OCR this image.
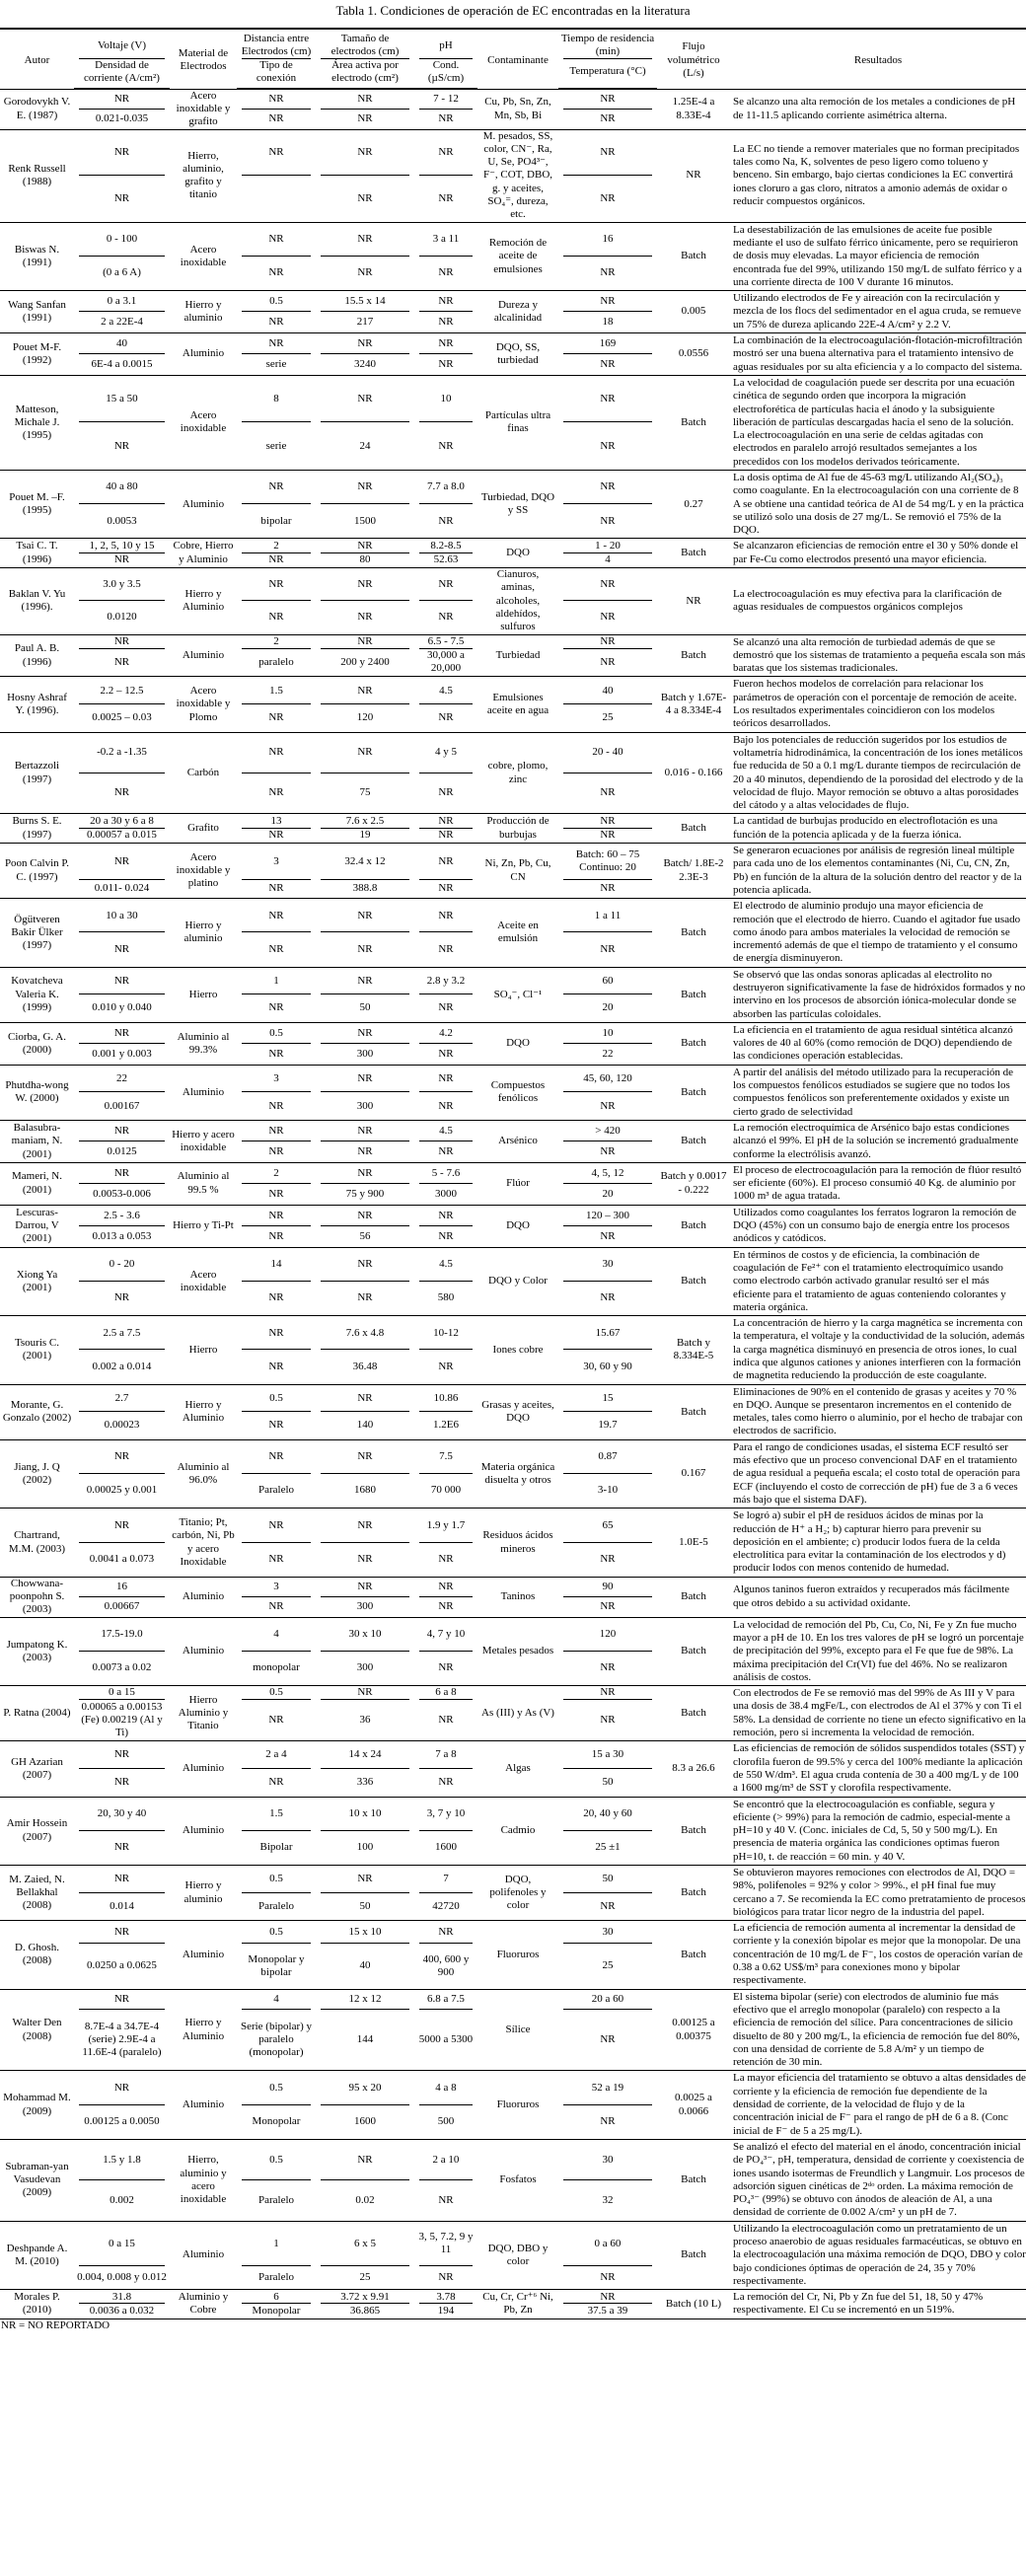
Tabla 1. Condiciones de operación de EC encontradas en la literatura
Autor	Voltaje (V)	Material de Electrodos	Distancia entre Electrodos (cm)	Tamaño de electrodos (cm)	pH	Contaminante	Tiempo de residencia (min)	Flujo volumétrico (L/s)	Resultados
	Densidad de corriente (A/cm²)		Tipo de conexión	Área activa por electrodo (cm²)	Cond. (µS/cm)		Temperatura (°C)		
Gorodovykh V. E. (1987)	NR	Acero inoxidable y grafito	NR	NR	7 - 12	Cu, Pb, Sn, Zn, Mn, Sb, Bi	NR	1.25E-4 a 8.33E-4	Se alcanzo una alta remoción de los metales a condiciones de pH de 11-11.5 aplicando corriente asimétrica alterna.
	0.021-0.035		NR	NR	NR		NR		
Renk Russell (1988)	NR	Hierro, aluminio, grafito y titanio	NR	NR	NR	M. pesados, SS, color, CN⁻, Ra, U, Se, PO4³⁻, F⁻, COT, DBO, g. y aceites, SO₄⁼, dureza, etc.	NR	NR	La EC no tiende a remover materiales que no forman precipitados tales como Na, K, solventes de peso ligero como tolueno y benceno. Sin embargo, bajo ciertas condiciones la EC convertirá iones cloruro a gas cloro, nitratos a amonio además de oxidar o reducir compuestos orgánicos.
	NR			NR	NR		NR		
Biswas N. (1991)	0 - 100	Acero inoxidable	NR	NR	3 a 11	Remoción de aceite de emulsiones	16	Batch	La desestabilización de las emulsiones de aceite fue posible mediante el uso de sulfato férrico únicamente, pero se requirieron de dosis muy elevadas. La mayor eficiencia de remoción encontrada fue del 99%, utilizando 150 mg/L de sulfato férrico y a una corriente directa de 100 V durante 16 minutos.
	(0 a 6 A)		NR	NR	NR		NR		
Wang Sanfan (1991)	0 a 3.1	Hierro y aluminio	0.5	15.5 x 14	NR	Dureza y alcalinidad	NR	0.005	Utilizando electrodos de Fe y aireación con la recirculación y mezcla de los flocs del sedimentador en el agua cruda, se remueve un 75% de dureza aplicando 22E-4 A/cm² y 2.2 V.
	2 a 22E-4		NR	217	NR		18		
Pouet M-F. (1992)	40	Aluminio	NR	NR	NR	DQO, SS, turbiedad	169	0.0556	La combinación de la electrocoagulación-flotación-microfiltración mostró ser una buena alternativa para el tratamiento intensivo de aguas residuales por su alta eficiencia y a lo compacto del sistema.
	6E-4 a 0.0015		serie	3240	NR		NR		
Matteson, Michale J. (1995)	15 a 50	Acero inoxidable	8	NR	10	Partículas ultra finas	NR	Batch	La velocidad de coagulación puede ser descrita por una ecuación cinética de segundo orden que incorpora la migración electroforética de partículas hacia el ánodo y la subsiguiente liberación de partículas descargadas hacia el seno de la solución. La electrocoagulación en una serie de celdas agitadas con electrodos en paralelo arrojó resultados semejantes a los precedidos con los modelos derivados teóricamente.
	NR		serie	24	NR		NR		
Pouet M. –F. (1995)	40 a 80	Aluminio	NR	NR	7.7 a 8.0	Turbiedad, DQO y SS	NR	0.27	La dosis optima de Al fue de 45-63 mg/L utilizando Al₂(SO₄)₃ como coagulante. En la electrocoagulación con una corriente de 8 A se obtiene una cantidad teórica de Al de 54 mg/L y en la práctica se utilizó solo una dosis de 27 mg/L. Se removió el 75% de la DQO.
	0.0053		bipolar	1500	NR		NR		
Tsai C. T. (1996)	1, 2, 5, 10 y 15	Cobre, Hierro y Aluminio	2	NR	8.2-8.5	DQO	1 - 20	Batch	Se alcanzaron eficiencias de remoción entre el 30 y 50% donde el par Fe-Cu como electrodos presentó una mayor eficiencia.
	NR		NR	80	52.63		4		
Baklan V. Yu (1996).	3.0 y 3.5	Hierro y Aluminio	NR	NR	NR	Cianuros, aminas, alcoholes, aldehídos, sulfuros	NR	NR	La electrocoagulación es muy efectiva para la clarificación de aguas residuales de compuestos orgánicos complejos
	0.0120		NR	NR	NR		NR		
Paul A. B. (1996)	NR	Aluminio	2	NR	6.5 - 7.5	Turbiedad	NR	Batch	Se alcanzó una alta remoción de turbiedad además de que se demostró que los sistemas de tratamiento a pequeña escala son más baratas que los sistemas tradicionales.
	NR		paralelo	200 y 2400	30,000 a 20,000		NR		
Hosny Ashraf Y. (1996).	2.2 – 12.5	Acero inoxidable y Plomo	1.5	NR	4.5	Emulsiones aceite en agua	40	Batch y 1.67E-4 a 8.334E-4	Fueron hechos modelos de correlación para relacionar los parámetros de operación con el porcentaje de remoción de aceite. Los resultados experimentales coincidieron con los modelos teóricos desarrollados.
	0.0025 – 0.03		NR	120	NR		25		
Bertazzoli (1997)	-0.2 a -1.35	Carbón	NR	NR	4 y 5	cobre, plomo, zinc	20 - 40	0.016 - 0.166	Bajo los potenciales de reducción sugeridos por los estudios de voltametría hidrodinámica, la concentración de los iones metálicos fue reducida de 50 a 0.1 mg/L durante tiempos de recirculación de 20 a 40 minutos, dependiendo de la porosidad del electrodo y de la velocidad de flujo. Mayor remoción se obtuvo a altas porosidades del cátodo y a altas velocidades de flujo.
	NR		NR	75	NR		NR		
Burns S. E. (1997)	20 a 30 y 6 a 8	Grafito	13	7.6 x 2.5	NR	Producción de burbujas	NR	Batch	La cantidad de burbujas producido en electroflotación es una función de la potencia aplicada y de la fuerza iónica.
	0.00057 a 0.015		NR	19	NR		NR		
Poon Calvin P. C. (1997)	NR	Acero inoxidable y platino	3	32.4 x 12	NR	Ni, Zn, Pb, Cu, CN	Batch: 60 – 75 Continuo: 20	Batch/ 1.8E-2 2.3E-3	Se generaron ecuaciones por análisis de regresión lineal múltiple para cada uno de los elementos contaminantes (Ni, Cu, CN, Zn, Pb) en función de la altura de la solución dentro del reactor y de la potencia aplicada.
	0.011- 0.024		NR	388.8	NR		NR		
Ögütveren Bakir Ülker (1997)	10 a 30	Hierro y aluminio	NR	NR	NR	Aceite en emulsión	1 a 11	Batch	El electrodo de aluminio produjo una mayor eficiencia de remoción que el electrodo de hierro. Cuando el agitador fue usado como ánodo para ambos materiales la velocidad de remoción se incrementó además de que el tiempo de tratamiento y el consumo de energía disminuyeron.
	NR		NR	NR	NR		NR		
Kovatcheva Valeria K. (1999)	NR	Hierro	1	NR	2.8 y 3.2	SO₄⁻, Cl⁻¹	60	Batch	Se observó que las ondas sonoras aplicadas al electrolito no destruyeron significativamente la fase de hidróxidos formados y no intervino en los procesos de absorción iónica-molecular donde se absorben las partículas coloidales.
	0.010 y 0.040		NR	50	NR		20		
Ciorba, G. A. (2000)	NR	Aluminio al 99.3%	0.5	NR	4.2	DQO	10	Batch	La eficiencia en el tratamiento de agua residual sintética alcanzó valores de 40 al 60% (como remoción de DQO) dependiendo de las condiciones operación establecidas.
	0.001 y 0.003		NR	300	NR		22		
Phutdha-wong W. (2000)	22	Aluminio	3	NR	NR	Compuestos fenólicos	45, 60, 120	Batch	A partir del análisis del método utilizado para la recuperación de los compuestos fenólicos estudiados se sugiere que no todos los compuestos fenólicos son preferentemente oxidados y existe un cierto grado de selectividad
	0.00167		NR	300	NR		NR		
Balasubra-maniam, N. (2001)	NR	Hierro y acero inoxidable	NR	NR	4.5	Arsénico	> 420	Batch	La remoción electroquímica de Arsénico bajo estas condiciones alcanzó el 99%. El pH de la solución se incrementó gradualmente conforme la electrólisis avanzó.
	0.0125		NR	NR	NR		NR		
Mameri, N. (2001)	NR	Aluminio al 99.5 %	2	NR	5 - 7.6	Flúor	4, 5, 12	Batch y 0.0017 - 0.222	El proceso de electrocoagulación para la remoción de flúor resultó ser eficiente (60%). El proceso consumió 40 Kg. de aluminio por 1000 m³ de agua tratada.
	0.0053-0.006		NR	75 y 900	3000		20		
Lescuras-Darrou, V (2001)	2.5 - 3.6	Hierro y Ti-Pt	NR	NR	NR	DQO	120 – 300	Batch	Utilizados como coagulantes los ferratos lograron la remoción de DQO (45%) con un consumo bajo de energía entre los procesos anódicos y catódicos.
	0.013 a 0.053		NR	56	NR		NR		
Xiong Ya (2001)	0 - 20	Acero inoxidable	14	NR	4.5	DQO y Color	30	Batch	En términos de costos y de eficiencia, la combinación de coagulación de Fe²⁺ con el tratamiento electroquímico usando como electrodo carbón activado granular resultó ser el más eficiente para el tratamiento de aguas conteniendo colorantes y materia orgánica.
	NR		NR	NR	580		NR		
Tsouris C. (2001)	2.5 a 7.5	Hierro	NR	7.6 x 4.8	10-12	Iones cobre	15.67	Batch y 8.334E-5	La concentración de hierro y la carga magnética se incrementa con la temperatura, el voltaje y la conductividad de la solución, además la carga magnética disminuyó en presencia de otros iones, lo cual indica que algunos cationes y aniones interfieren con la formación de magnetita reduciendo la producción de este coagulante.
	0.002 a 0.014		NR	36.48	NR		30, 60 y 90		
Morante, G. Gonzalo (2002)	2.7	Hierro y Aluminio	0.5	NR	10.86	Grasas y aceites, DQO	15	Batch	Eliminaciones de 90% en el contenido de grasas y aceites y 70 % en DQO. Aunque se presentaron incrementos en el contenido de metales, tales como hierro o aluminio, por el hecho de trabajar con electrodos de sacrificio.
	0.00023		NR	140	1.2E6		19.7		
Jiang, J. Q (2002)	NR	Aluminio al 96.0%	NR	NR	7.5	Materia orgánica disuelta y otros	0.87	0.167	Para el rango de condiciones usadas, el sistema ECF resultó ser más efectivo que un proceso convencional DAF en el tratamiento de agua residual a pequeña escala; el costo total de operación para ECF (incluyendo el costo de corrección de pH) fue de 3 a 6 veces más bajo que el sistema DAF).
	0.00025 y 0.001		Paralelo	1680	70 000		3-10		
Chartrand, M.M. (2003)	NR	Titanio; Pt, carbón, Ni, Pb y acero Inoxidable	NR	NR	1.9 y 1.7	Residuos ácidos mineros	65	1.0E-5	Se logró a) subir el pH de residuos ácidos de minas por la reducción de H⁺ a H₂; b) capturar hierro para prevenir su deposición en el ambiente; c) producir lodos fuera de la celda electrolítica para evitar la contaminación de los electrodos y d) producir lodos con menos contenido de humedad.
	0.0041 a 0.073		NR	NR	NR		NR		
Chowwana-poonpohn S. (2003)	16	Aluminio	3	NR	NR	Taninos	90	Batch	Algunos taninos fueron extraídos y recuperados más fácilmente que otros debido a su actividad oxidante.
	0.00667		NR	300	NR		NR		
Jumpatong K. (2003)	17.5-19.0	Aluminio	4	30 x 10	4, 7 y 10	Metales pesados	120	Batch	La velocidad de remoción del Pb, Cu, Co, Ni, Fe y Zn fue mucho mayor a pH de 10. En los tres valores de pH se logró un porcentaje de precipitación del 99%, excepto para el Fe que fue de 98%. La máxima precipitación del Cr(VI) fue del 46%. No se realizaron análisis de costos.
	0.0073 a 0.02		monopolar	300	NR		NR		
P. Ratna (2004)	0 a 15	Hierro Aluminio y Titanio	0.5	NR	6 a 8	As (III) y As (V)	NR	Batch	Con electrodos de Fe se removió mas del 99% de As III y V para una dosis de 38.4 mgFe/L, con electrodos de Al el 37% y con Ti el 58%. La densidad de corriente no tiene un efecto significativo en la remoción, pero si incrementa la velocidad de remoción.
	0.00065 a 0.00153 (Fe) 0.00219 (Al y Ti)		NR	36	NR		NR		
GH Azarian (2007)	NR	Aluminio	2 a 4	14 x 24	7 a 8	Algas	15 a 30	8.3 a 26.6	Las eficiencias de remoción de sólidos suspendidos totales (SST) y clorofila fueron de 99.5% y cerca del 100% mediante la aplicación de 550 W/dm³. El agua cruda contenía de 30 a 400 mg/L y de 100 a 1600 mg/m³ de SST y clorofila respectivamente.
	NR		NR	336	NR		50		
Amir Hossein (2007)	20, 30 y 40	Aluminio	1.5	10 x 10	3, 7 y 10	Cadmio	20, 40 y 60	Batch	Se encontró que la electrocoagulación es confiable, segura y eficiente (> 99%) para la remoción de cadmio, especial-mente a pH=10 y 40 V. (Conc. iniciales de Cd, 5, 50 y 500 mg/L). En presencia de materia orgánica las condiciones optimas fueron pH=10, t. de reacción = 60 min. y 40 V.
	NR		Bipolar	100	1600		25 ±1		
M. Zaied, N. Bellakhal (2008)	NR	Hierro y aluminio	0.5	NR	7	DQO, polifenoles y color	50	Batch	Se obtuvieron mayores remociones con electrodos de Al, DQO = 98%, polifenoles = 92% y color > 99%., el pH final fue muy cercano a 7. Se recomienda la EC como pretratamiento de procesos biológicos para tratar licor negro de la industria del papel.
	0.014		Paralelo	50	42720		NR		
D. Ghosh. (2008)	NR	Aluminio	0.5	15 x 10	NR	Fluoruros	30	Batch	La eficiencia de remoción aumenta al incrementar la densidad de corriente y la conexión bipolar es mejor que la monopolar. De una concentración de 10 mg/L de F⁻, los costos de operación varían de 0.38 a 0.62 US$/m³ para conexiones mono y bipolar respectivamente.
	0.0250 a 0.0625		Monopolar y bipolar	40	400, 600 y 900		25		
Walter Den (2008)	NR	Hierro y Aluminio	4	12 x 12	6.8 a 7.5	Sílice	20 a 60	0.00125 a 0.00375	El sistema bipolar (serie) con electrodos de aluminio fue más efectivo que el arreglo monopolar (paralelo) con respecto a la eficiencia de remoción del sílice. Para concentraciones de silicio disuelto de 80 y 200 mg/L, la eficiencia de remoción fue del 80%, con una densidad de corriente de 5.8 A/m² y un tiempo de retención de 30 min.
	8.7E-4 a 34.7E-4 (serie) 2.9E-4 a 11.6E-4 (paralelo)		Serie (bipolar) y paralelo (monopolar)	144	5000 a 5300		NR		
Mohammad M. (2009)	NR	Aluminio	0.5	95 x 20	4 a 8	Fluoruros	52 a 19	0.0025 a 0.0066	La mayor eficiencia del tratamiento se obtuvo a altas densidades de corriente y la eficiencia de remoción fue dependiente de la densidad de corriente, de la velocidad de flujo y de la concentración inicial de F⁻ para el rango de pH de 6 a 8. (Conc inicial de F⁻ de 5 a 25 mg/L).
	0.00125 a 0.0050		Monopolar	1600	500		NR		
Subraman-yan Vasudevan (2009)	1.5 y 1.8	Hierro, aluminio y acero inoxidable	0.5	NR	2 a 10	Fosfatos	30	Batch	Se analizó el efecto del material en el ánodo, concentración inicial de PO₄³⁻, pH, temperatura, densidad de corriente y coexistencia de iones usando isotermas de Freundlich y Langmuir. Los procesos de adsorción siguen cinéticas de 2ᵈᵒ orden. La máxima remoción de PO₄³⁻ (99%) se obtuvo con ánodos de aleación de Al, a una densidad de corriente de 0.002 A/cm² y un pH de 7.
	0.002		Paralelo	0.02	NR		32		
Deshpande A. M. (2010)	0 a 15	Aluminio	1	6 x 5	3, 5, 7.2, 9 y 11	DQO, DBO y color	0 a 60	Batch	Utilizando la electrocoagulación como un pretratamiento de un proceso anaerobio de aguas residuales farmacéuticas, se obtuvo en la electrocoagulación una máxima remoción de DQO, DBO y color bajo condiciones óptimas de operación de 24, 35 y 70% respectivamente.
	0.004, 0.008 y 0.012		Paralelo	25	NR		NR		
Morales P. (2010)	31.8	Aluminio y Cobre	6	3.72 x 9.91	3.78	Cu, Cr, Cr⁺⁶ Ni, Pb, Zn	NR	Batch (10 L)	La remoción del Cr, Ni, Pb y Zn fue del 51, 18, 50 y 47% respectivamente. El Cu se incrementó en un 519%.
	0.0036 a 0.032		Monopolar	36.865	194		37.5 a 39		
NR = NO REPORTADO
